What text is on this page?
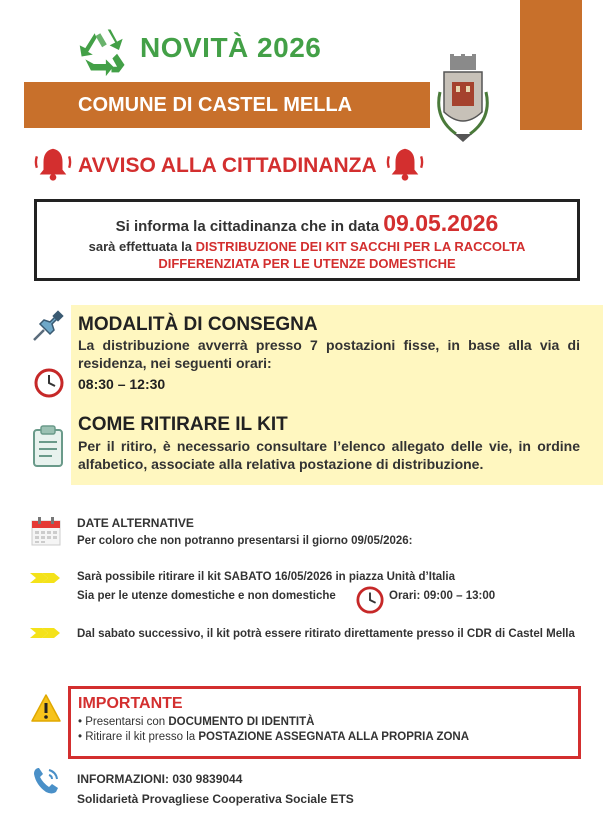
NOVITÀ 2026
COMUNE DI CASTEL MELLA
AVVISO ALLA CITTADINANZA
Si informa la cittadinanza che in data 09.05.2026
sarà effettuata la DISTRIBUZIONE DEI KIT SACCHI PER LA RACCOLTA
DIFFERENZIATA PER LE UTENZE DOMESTICHE
MODALITÀ DI CONSEGNA
La distribuzione avverrà presso 7 postazioni fisse, in base alla via di residenza, nei seguenti orari:
08:30 – 12:30
COME RITIRARE IL KIT
Per il ritiro, è necessario consultare l’elenco allegato delle vie, in ordine alfabetico, associate alla relativa postazione di distribuzione.
DATE ALTERNATIVE
Per coloro che non potranno presentarsi il giorno 09/05/2026:
Sarà possibile ritirare il kit SABATO 16/05/2026 in piazza Unità d’Italia
Sia per le utenze domestiche e non domestiche	Orari: 09:00 – 13:00
Dal sabato successivo, il kit potrà essere ritirato direttamente presso il CDR di Castel Mella
IMPORTANTE
• Presentarsi con DOCUMENTO DI IDENTITÀ
• Ritirare il kit presso la POSTAZIONE ASSEGNATA ALLA PROPRIA ZONA
INFORMAZIONI: 030 9839044
Solidarietà Provagliese Cooperativa Sociale ETS
